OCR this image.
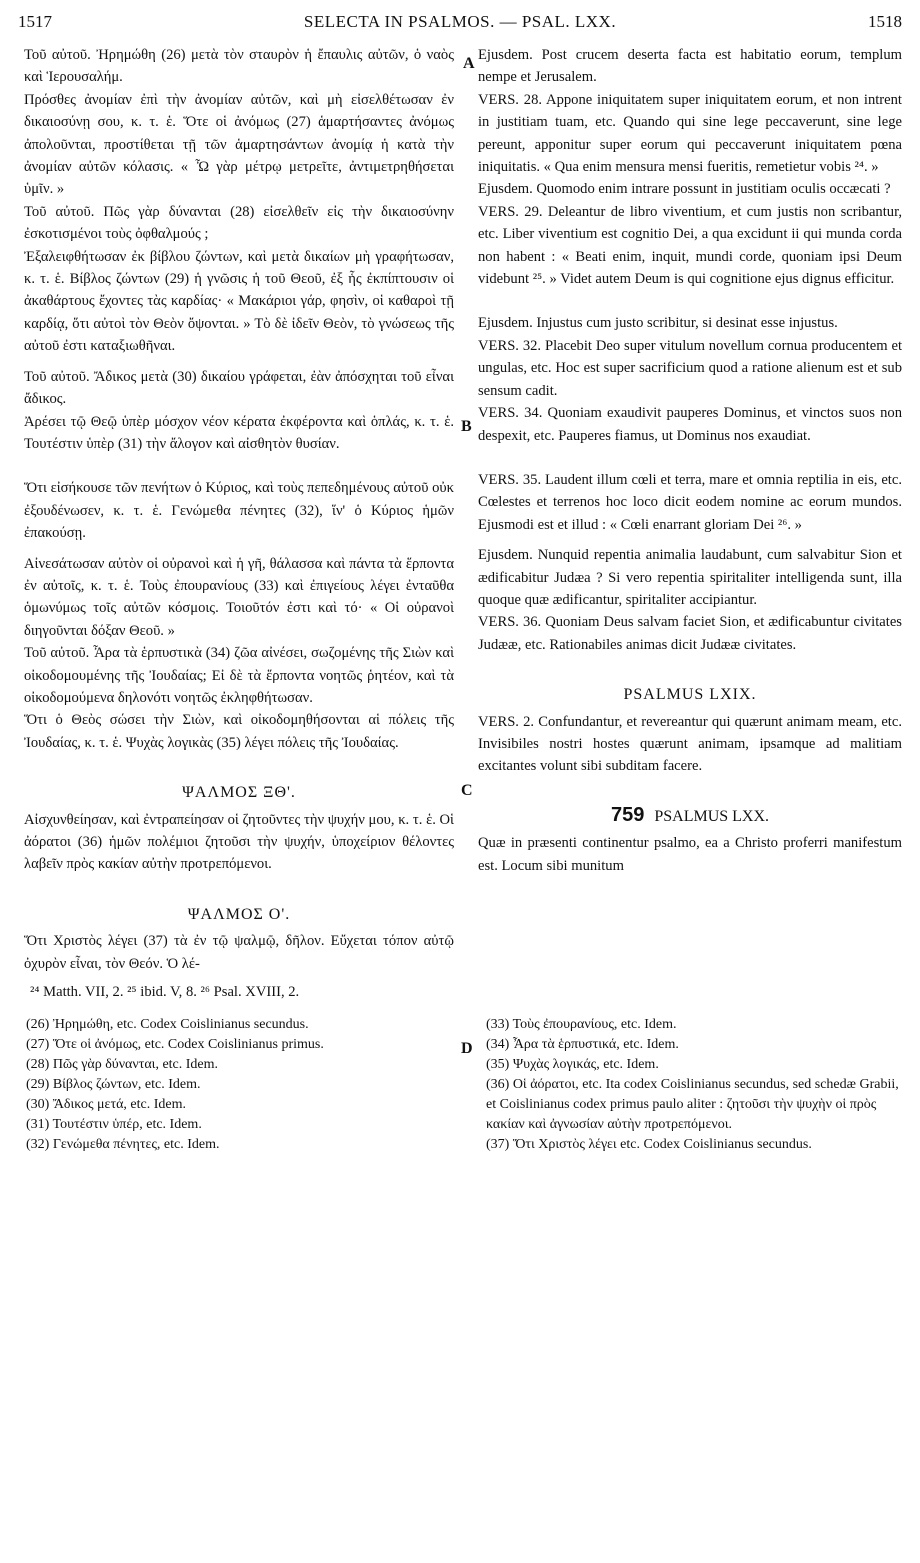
1517	SELECTA IN PSALMOS. — PSAL. LXX.	1518
A
B
C
D

Τοῦ αὐτοῦ. Ἠρημώθη (26) μετὰ τὸν σταυρὸν ἡ ἔπαυλις αὐτῶν, ὁ ναὸς καὶ Ἱερουσαλήμ.

Πρόσθες ἀνομίαν ἐπὶ τὴν ἀνομίαν αὐτῶν, καὶ μὴ εἰσελθέτωσαν ἐν δικαιοσύνῃ σου, κ. τ. ἑ. Ὅτε οἱ ἀνόμως (27) ἁμαρτήσαντες ἀνόμως ἀπολοῦνται, προστίθεται τῇ τῶν ἁμαρτησάντων ἀνομίᾳ ἡ κατὰ τὴν ἀνομίαν αὐτῶν κόλασις. « Ὦ γὰρ μέτρῳ μετρεῖτε, ἀντιμετρηθήσεται ὑμῖν. »

Τοῦ αὐτοῦ. Πῶς γὰρ δύνανται (28) εἰσελθεῖν εἰς τὴν δικαιοσύνην ἐσκοτισμένοι τοὺς ὀφθαλμούς ;

Ἐξαλειφθήτωσαν ἐκ βίβλου ζώντων, καὶ μετὰ δικαίων μὴ γραφήτωσαν, κ. τ. ἑ. Βίβλος ζώντων (29) ἡ γνῶσις ἡ τοῦ Θεοῦ, ἐξ ἧς ἐκπίπτουσιν οἱ ἀκαθάρτους ἔχοντες τὰς καρδίας· « Μακάριοι γάρ, φησὶν, οἱ καθαροὶ τῇ καρδίᾳ, ὅτι αὐτοὶ τὸν Θεὸν ὄψονται. » Τὸ δὲ ἰδεῖν Θεὸν, τὸ γνώσεως τῆς αὐτοῦ ἐστι καταξιωθῆναι.

Τοῦ αὐτοῦ. Ἄδικος μετὰ (30) δικαίου γράφεται, ἐὰν ἀπόσχηται τοῦ εἶναι ἄδικος.

Ἀρέσει τῷ Θεῷ ὑπὲρ μόσχον νέον κέρατα ἐκφέροντα καὶ ὁπλάς, κ. τ. ἑ. Τουτέστιν ὑπὲρ (31) τὴν ἄλογον καὶ αἰσθητὸν θυσίαν.

Ὅτι εἰσήκουσε τῶν πενήτων ὁ Κύριος, καὶ τοὺς πεπεδημένους αὐτοῦ οὐκ ἐξουδένωσεν, κ. τ. ἑ. Γενώμεθα πένητες (32), ἵν' ὁ Κύριος ἡμῶν ἐπακούσῃ.

Αἰνεσάτωσαν αὐτὸν οἱ οὐρανοὶ καὶ ἡ γῆ, θάλασσα καὶ πάντα τὰ ἕρποντα ἐν αὐτοῖς, κ. τ. ἑ. Τοὺς ἐπουρανίους (33) καὶ ἐπιγείους λέγει ἐνταῦθα ὁμωνύμως τοῖς αὐτῶν κόσμοις. Τοιοῦτόν ἐστι καὶ τό· « Οἱ οὐρανοὶ διηγοῦνται δόξαν Θεοῦ. »

Τοῦ αὐτοῦ. Ἆρα τὰ ἑρπυστικὰ (34) ζῶα αἰνέσει, σωζομένης τῆς Σιὼν καὶ οἰκοδομουμένης τῆς Ἰουδαίας; Εἰ δὲ τὰ ἕρποντα νοητῶς ῥητέον, καὶ τὰ οἰκοδομούμενα δηλονότι νοητῶς ἐκληφθήτωσαν.

Ὅτι ὁ Θεὸς σώσει τὴν Σιὼν, καὶ οἰκοδομηθήσονται αἱ πόλεις τῆς Ἰουδαίας, κ. τ. ἑ. Ψυχὰς λογικὰς (35) λέγει πόλεις τῆς Ἰουδαίας.

ΨΑΛΜΟΣ ΞΘ'.

Αἰσχυνθείησαν, καὶ ἐντραπείησαν οἱ ζητοῦντες τὴν ψυχήν μου, κ. τ. ἑ. Οἱ ἀόρατοι (36) ἡμῶν πολέμιοι ζητοῦσι τὴν ψυχήν, ὑποχείριον θέλοντες λαβεῖν πρὸς κακίαν αὐτὴν προτρεπόμενοι.

ΨΑΛΜΟΣ Ο'.

Ὅτι Χριστὸς λέγει (37) τὰ ἐν τῷ ψαλμῷ, δῆλον. Εὔχεται τόπον αὐτῷ ὀχυρὸν εἶναι, τὸν Θεόν. Ὁ λέ-

Ejusdem. Post crucem deserta facta est habitatio eorum, templum nempe et Jerusalem.

VERS. 28. Appone iniquitatem super iniquitatem eorum, et non intrent in justitiam tuam, etc. Quando qui sine lege peccaverunt, sine lege pereunt, apponitur super eorum qui peccaverunt iniquitatem pœna iniquitatis. « Qua enim mensura mensi fueritis, remetietur vobis ²⁴. »

Ejusdem. Quomodo enim intrare possunt in justitiam oculis occæcati ?

VERS. 29. Deleantur de libro viventium, et cum justis non scribantur, etc. Liber viventium est cognitio Dei, a qua excidunt ii qui munda corda non habent : « Beati enim, inquit, mundi corde, quoniam ipsi Deum videbunt ²⁵. » Videt autem Deum is qui cognitione ejus dignus efficitur.

Ejusdem. Injustus cum justo scribitur, si desinat esse injustus.

VERS. 32. Placebit Deo super vitulum novellum cornua producentem et ungulas, etc. Hoc est super sacrificium quod a ratione alienum est et sub sensum cadit.

VERS. 34. Quoniam exaudivit pauperes Dominus, et vinctos suos non despexit, etc. Pauperes fiamus, ut Dominus nos exaudiat.

VERS. 35. Laudent illum cœli et terra, mare et omnia reptilia in eis, etc. Cœlestes et terrenos hoc loco dicit eodem nomine ac eorum mundos. Ejusmodi est et illud : « Cœli enarrant gloriam Dei ²⁶. »

Ejusdem. Nunquid repentia animalia laudabunt, cum salvabitur Sion et ædificabitur Judæa ? Si vero repentia spiritaliter intelligenda sunt, illa quoque quæ ædificantur, spiritaliter accipiantur.

VERS. 36. Quoniam Deus salvam faciet Sion, et ædificabuntur civitates Judææ, etc. Rationabiles animas dicit Judææ civitates.

PSALMUS LXIX.

VERS. 2. Confundantur, et revereantur qui quærunt animam meam, etc. Invisibiles nostri hostes quærunt animam, ipsamque ad malitiam excitantes volunt sibi subditam facere.

759 PSALMUS LXX.

Quæ in præsenti continentur psalmo, ea a Christo proferri manifestum est. Locum sibi munitum

²⁴ Matth. VII, 2. ²⁵ ibid. V, 8. ²⁶ Psal. XVIII, 2.
(26) Ἠρημώθη, etc. Codex Coislinianus secundus.
(27) Ὅτε οἱ ἀνόμως, etc. Codex Coislinianus primus.
(28) Πῶς γὰρ δύνανται, etc. Idem.
(29) Βίβλος ζώντων, etc. Idem.
(30) Ἄδικος μετά, etc. Idem.
(31) Τουτέστιν ὑπέρ, etc. Idem.
(32) Γενώμεθα πένητες, etc. Idem.
(33) Τοὺς ἐπουρανίους, etc. Idem.
(34) Ἆρα τὰ ἑρπυστικά, etc. Idem.
(35) Ψυχὰς λογικάς, etc. Idem.
(36) Οἱ ἀόρατοι, etc. Ita codex Coislinianus secundus, sed schedæ Grabii, et Coislinianus codex primus paulo aliter : ζητοῦσι τὴν ψυχὴν οἱ πρὸς κακίαν καὶ ἀγνωσίαν αὐτὴν προτρεπόμενοι.
(37) Ὅτι Χριστὸς λέγει etc. Codex Coislinianus secundus.
